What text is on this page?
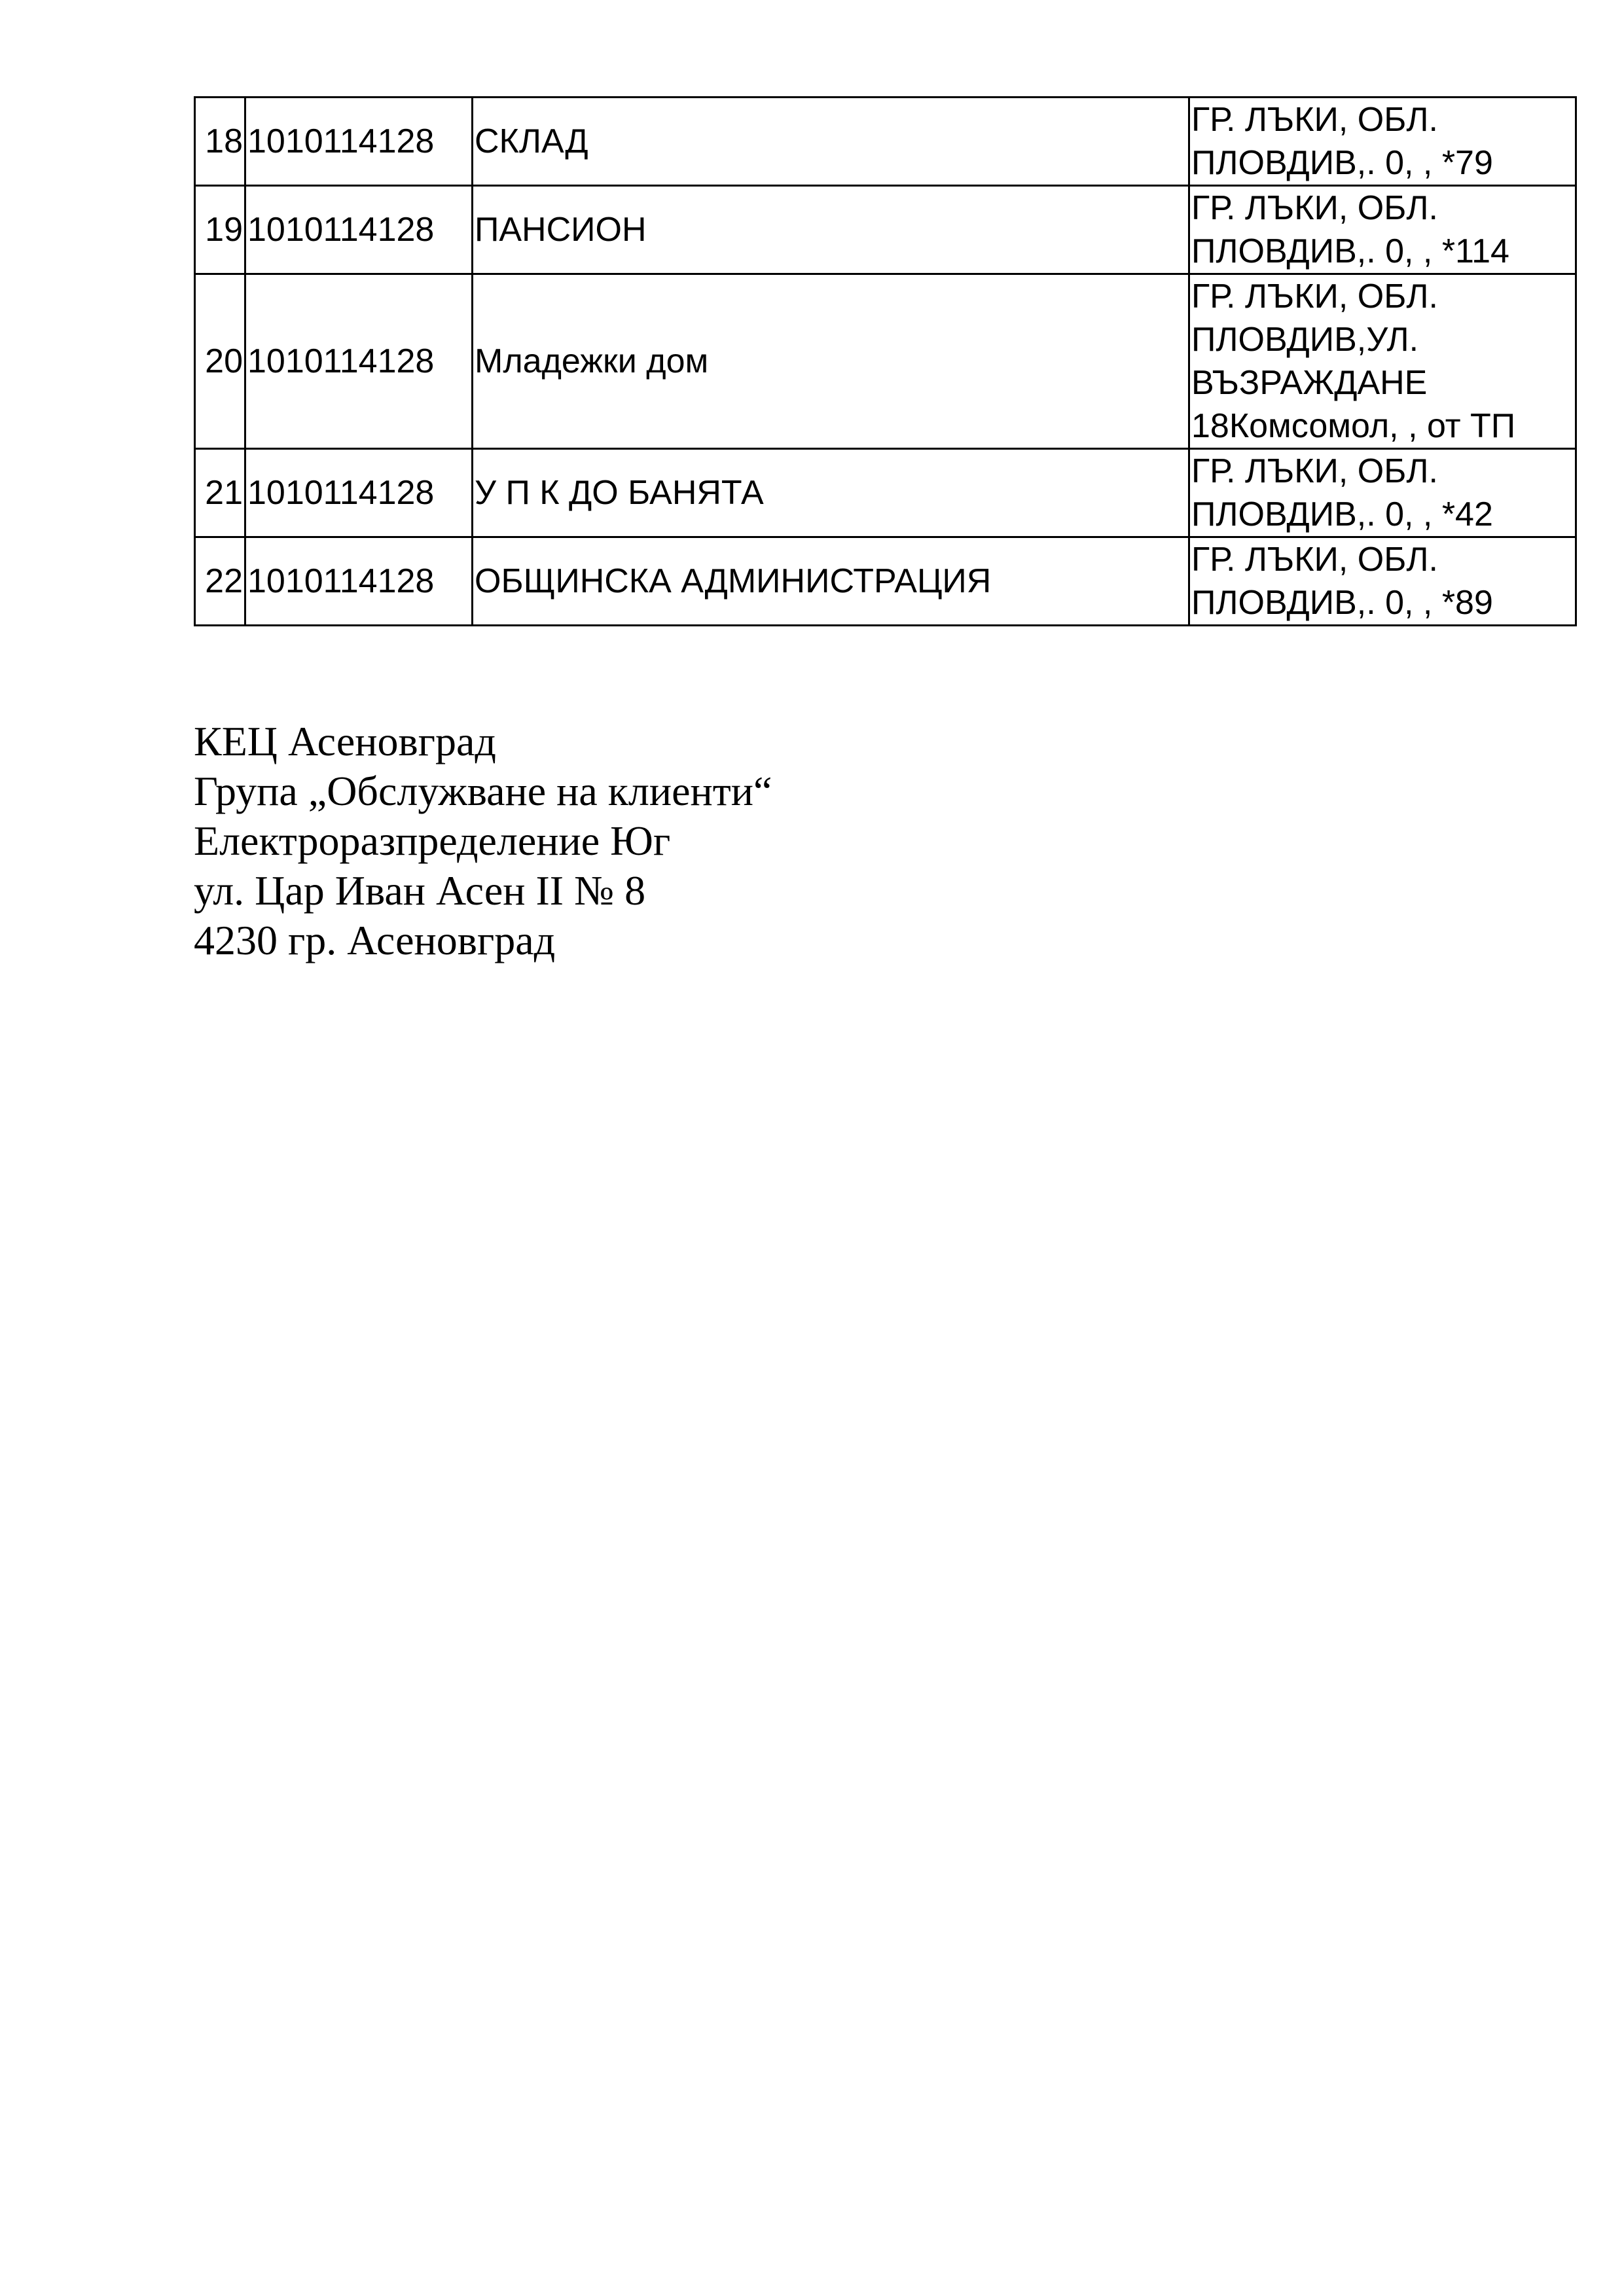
18	1010114128	СКЛАД	ГР. ЛЪКИ, ОБЛ. ПЛОВДИВ,. 0, , *79
19	1010114128	ПАНСИОН	ГР. ЛЪКИ, ОБЛ. ПЛОВДИВ,. 0, , *114
20	1010114128	Младежки дом	ГР. ЛЪКИ, ОБЛ. ПЛОВДИВ,УЛ. ВЪЗРАЖДАНЕ 18Комсомол, , от ТП
21	1010114128	У П К ДО БАНЯТА	ГР. ЛЪКИ, ОБЛ. ПЛОВДИВ,. 0, , *42
22	1010114128	ОБЩИНСКА АДМИНИСТРАЦИЯ	ГР. ЛЪКИ, ОБЛ. ПЛОВДИВ,. 0, , *89
КЕЦ Асеновград
Група „Обслужване на клиенти“
Електроразпределение Юг
ул. Цар Иван Асен II № 8
4230 гр. Асеновград
